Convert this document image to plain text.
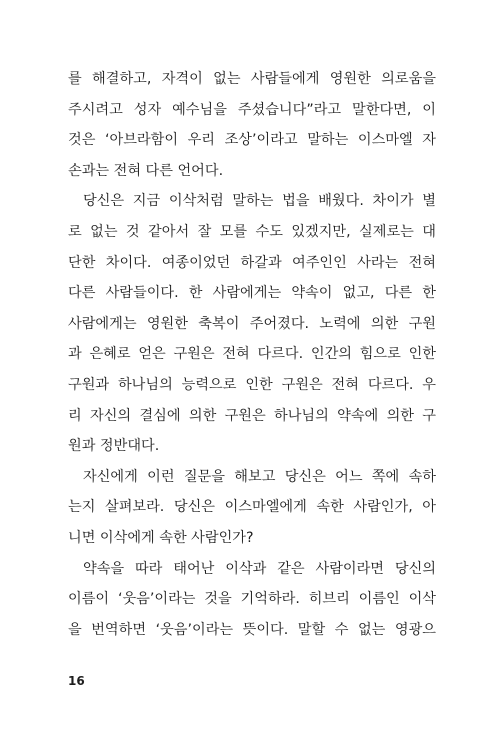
를 해결하고, 자격이 없는 사람들에게 영원한 의로움을
주시려고 성자 예수님을 주셨습니다”라고 말한다면, 이
것은 ‘아브라함이 우리 조상’이라고 말하는 이스마엘 자
손과는 전혀 다른 언어다.
당신은 지금 이삭처럼 말하는 법을 배웠다. 차이가 별
로 없는 것 같아서 잘 모를 수도 있겠지만, 실제로는 대
단한 차이다. 여종이었던 하갈과 여주인인 사라는 전혀
다른 사람들이다. 한 사람에게는 약속이 없고, 다른 한
사람에게는 영원한 축복이 주어졌다. 노력에 의한 구원
과 은혜로 얻은 구원은 전혀 다르다. 인간의 힘으로 인한
구원과 하나님의 능력으로 인한 구원은 전혀 다르다. 우
리 자신의 결심에 의한 구원은 하나님의 약속에 의한 구
원과 정반대다.
자신에게 이런 질문을 해보고 당신은 어느 쪽에 속하
는지 살펴보라. 당신은 이스마엘에게 속한 사람인가, 아
니면 이삭에게 속한 사람인가?
약속을 따라 태어난 이삭과 같은 사람이라면 당신의
이름이 ‘웃음’이라는 것을 기억하라. 히브리 이름인 이삭
을 번역하면 ‘웃음’이라는 뜻이다. 말할 수 없는 영광으
16
